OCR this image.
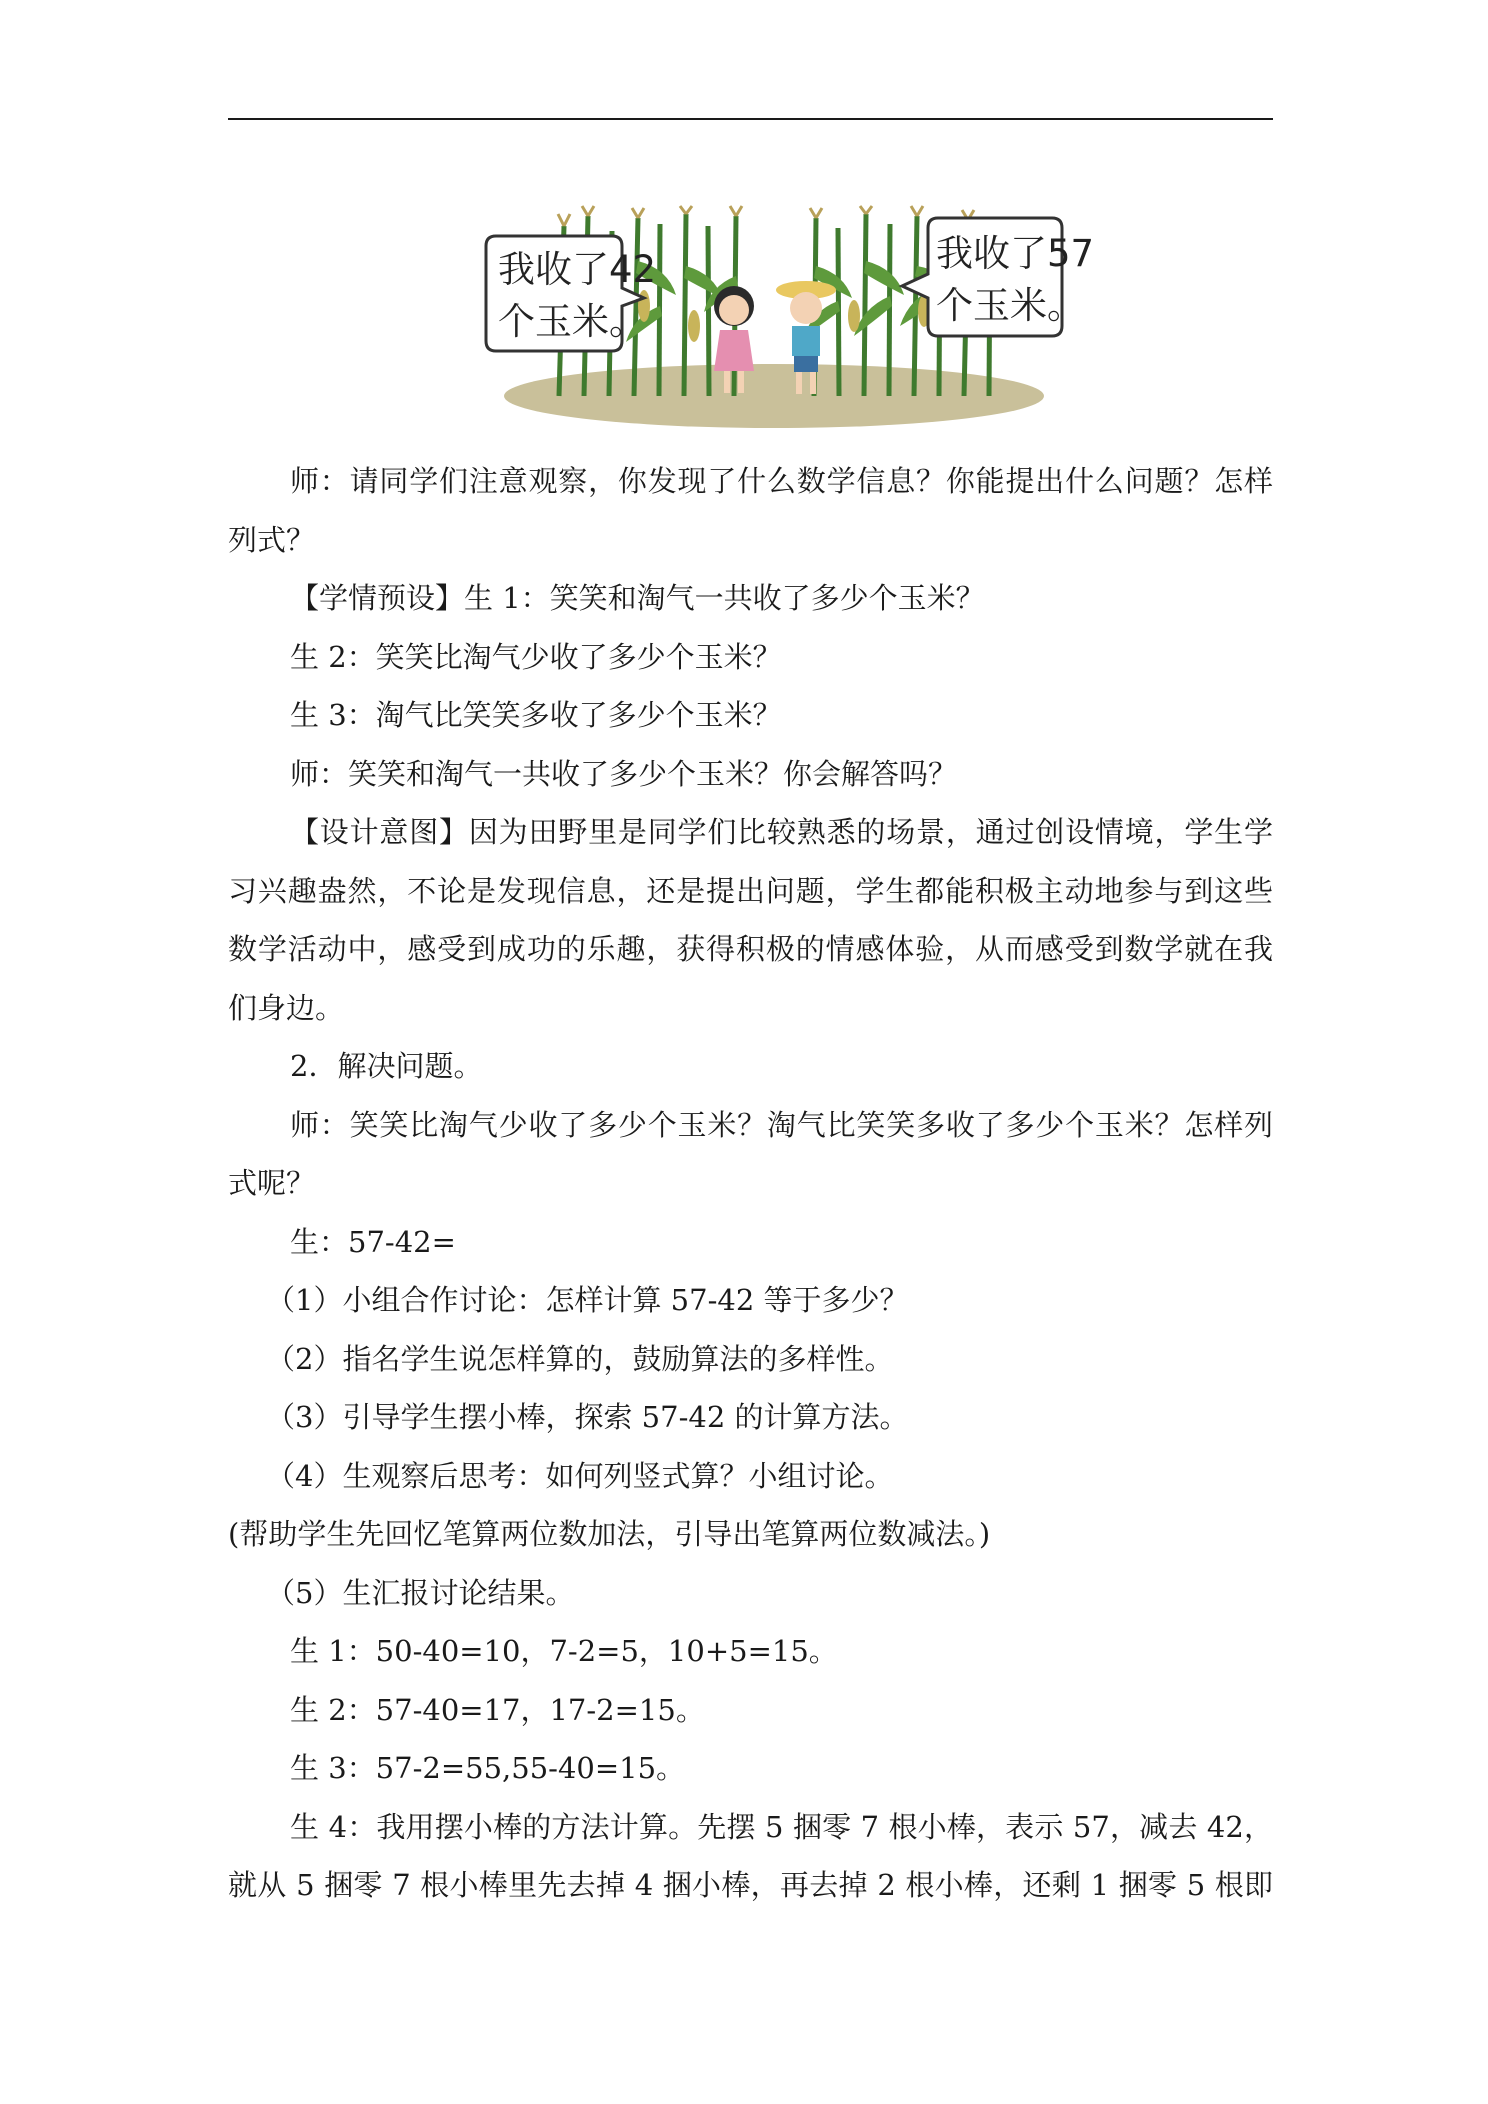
我收了42
个玉米。
我收了57
个玉米。
师：请同学们注意观察，你发现了什么数学信息？你能提出什么问题？怎样
列式？
【学情预设】生 1：笑笑和淘气一共收了多少个玉米？
生 2：笑笑比淘气少收了多少个玉米？
生 3：淘气比笑笑多收了多少个玉米？
师：笑笑和淘气一共收了多少个玉米？你会解答吗？
【设计意图】因为田野里是同学们比较熟悉的场景，通过创设情境，学生学
习兴趣盎然，不论是发现信息，还是提出问题，学生都能积极主动地参与到这些
数学活动中，感受到成功的乐趣，获得积极的情感体验，从而感受到数学就在我
们身边。
2．解决问题。
师：笑笑比淘气少收了多少个玉米？淘气比笑笑多收了多少个玉米？怎样列
式呢？
生：57-42=
（1）小组合作讨论：怎样计算 57-42 等于多少？
（2）指名学生说怎样算的，鼓励算法的多样性。
（3）引导学生摆小棒，探索 57-42 的计算方法。
（4）生观察后思考：如何列竖式算？小组讨论。
(帮助学生先回忆笔算两位数加法，引导出笔算两位数减法。)
（5）生汇报讨论结果。
生 1：50-40=10，7-2=5，10+5=15。
生 2：57-40=17，17-2=15。
生 3：57-2=55,55-40=15。
生 4：我用摆小棒的方法计算。先摆 5 捆零 7 根小棒，表示 57，减去 42，
就从 5 捆零 7 根小棒里先去掉 4 捆小棒，再去掉 2 根小棒，还剩 1 捆零 5 根即
